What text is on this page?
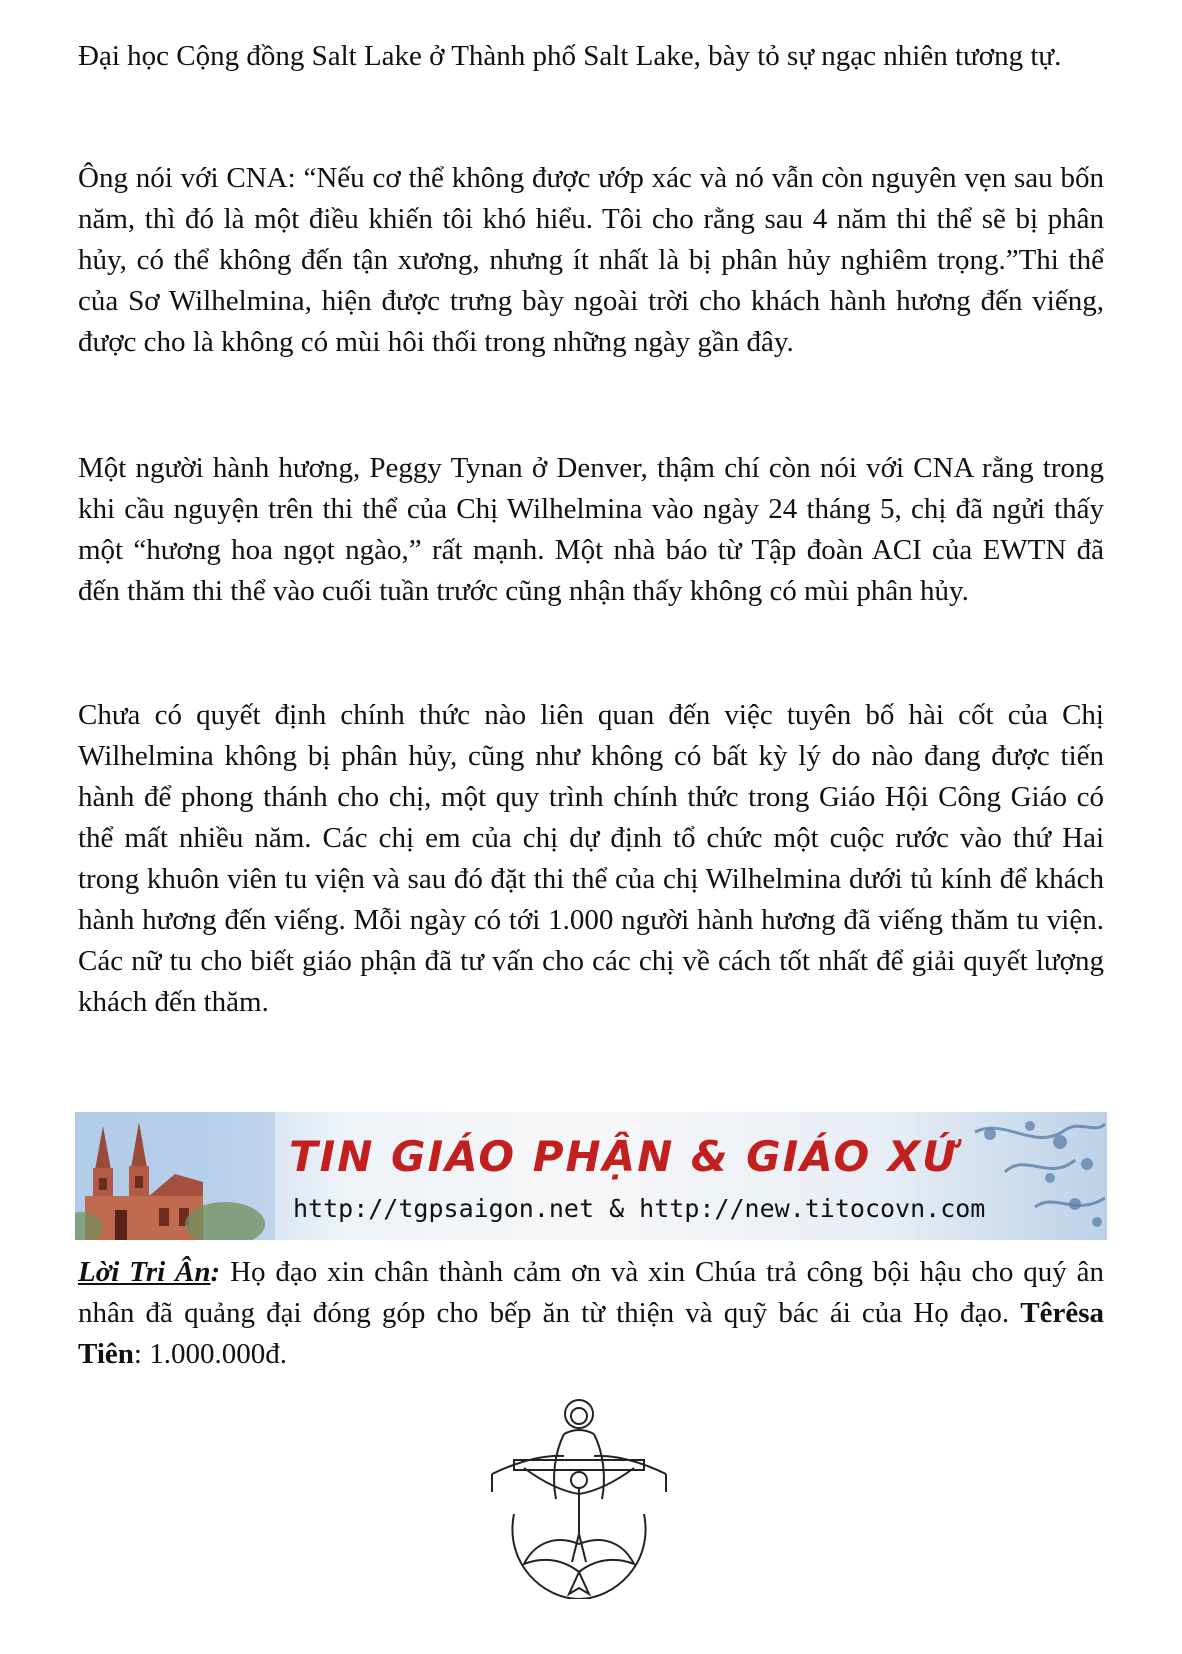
Đại học Cộng đồng Salt Lake ở Thành phố Salt Lake, bày tỏ sự ngạc nhiên tương tự.

Ông nói với CNA: “Nếu cơ thể không được ướp xác và nó vẫn còn nguyên vẹn sau bốn năm, thì đó là một điều khiến tôi khó hiểu. Tôi cho rằng sau 4 năm thi thể sẽ bị phân hủy, có thể không đến tận xương, nhưng ít nhất là bị phân hủy nghiêm trọng.”Thi thể của Sơ Wilhelmina, hiện được trưng bày ngoài trời cho khách hành hương đến viếng, được cho là không có mùi hôi thối trong những ngày gần đây.

Một người hành hương, Peggy Tynan ở Denver, thậm chí còn nói với CNA rằng trong khi cầu nguyện trên thi thể của Chị Wilhelmina vào ngày 24 tháng 5, chị đã ngửi thấy một “hương hoa ngọt ngào,” rất mạnh. Một nhà báo từ Tập đoàn ACI của EWTN đã đến thăm thi thể vào cuối tuần trước cũng nhận thấy không có mùi phân hủy.

Chưa có quyết định chính thức nào liên quan đến việc tuyên bố hài cốt của Chị Wilhelmina không bị phân hủy, cũng như không có bất kỳ lý do nào đang được tiến hành để phong thánh cho chị, một quy trình chính thức trong Giáo Hội Công Giáo có thể mất nhiều năm. Các chị em của chị dự định tổ chức một cuộc rước vào thứ Hai trong khuôn viên tu viện và sau đó đặt thi thể của chị Wilhelmina dưới tủ kính để khách hành hương đến viếng. Mỗi ngày có tới 1.000 người hành hương đã viếng thăm tu viện. Các nữ tu cho biết giáo phận đã tư vấn cho các chị về cách tốt nhất để giải quyết lượng khách đến thăm.

TIN GIÁO PHẬN & GIÁO XỨ
http://tgpsaigon.net & http://new.titocovn.com

Lời Tri Ân: Họ đạo xin chân thành cảm ơn và xin Chúa trả công bội hậu cho quý ân nhân đã quảng đại đóng góp cho bếp ăn từ thiện và quỹ bác ái của Họ đạo. Têrêsa Tiên: 1.000.000đ.
